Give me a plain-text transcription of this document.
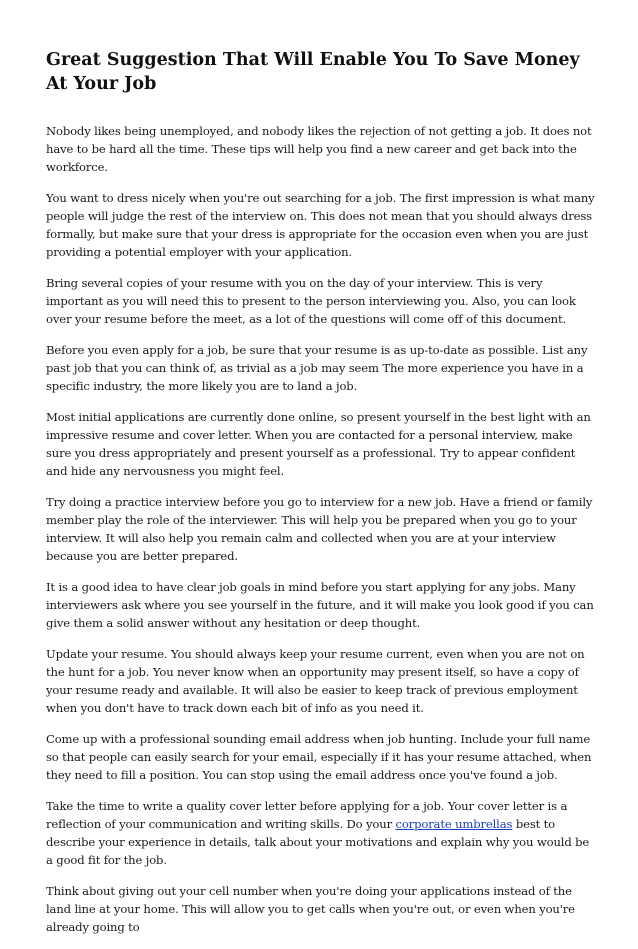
Great Suggestion That Will Enable You To Save Money At Your Job

Nobody likes being unemployed, and nobody likes the rejection of not getting a job. It does not have to be hard all the time. These tips will help you find a new career and get back into the workforce.

You want to dress nicely when you're out searching for a job. The first impression is what many people will judge the rest of the interview on. This does not mean that you should always dress formally, but make sure that your dress is appropriate for the occasion even when you are just providing a potential employer with your application.

Bring several copies of your resume with you on the day of your interview. This is very important as you will need this to present to the person interviewing you. Also, you can look over your resume before the meet, as a lot of the questions will come off of this document.

Before you even apply for a job, be sure that your resume is as up-to-date as possible. List any past job that you can think of, as trivial as a job may seem The more experience you have in a specific industry, the more likely you are to land a job.

Most initial applications are currently done online, so present yourself in the best light with an impressive resume and cover letter. When you are contacted for a personal interview, make sure you dress appropriately and present yourself as a professional. Try to appear confident and hide any nervousness you might feel.

Try doing a practice interview before you go to interview for a new job. Have a friend or family member play the role of the interviewer. This will help you be prepared when you go to your interview. It will also help you remain calm and collected when you are at your interview because you are better prepared.

It is a good idea to have clear job goals in mind before you start applying for any jobs. Many interviewers ask where you see yourself in the future, and it will make you look good if you can give them a solid answer without any hesitation or deep thought.

Update your resume. You should always keep your resume current, even when you are not on the hunt for a job. You never know when an opportunity may present itself, so have a copy of your resume ready and available. It will also be easier to keep track of previous employment when you don't have to track down each bit of info as you need it.

Come up with a professional sounding email address when job hunting. Include your full name so that people can easily search for your email, especially if it has your resume attached, when they need to fill a position. You can stop using the email address once you've found a job.

Take the time to write a quality cover letter before applying for a job. Your cover letter is a reflection of your communication and writing skills. Do your corporate umbrellas best to describe your experience in details, talk about your motivations and explain why you would be a good fit for the job.

Think about giving out your cell number when you're doing your applications instead of the land line at your home. This will allow you to get calls when you're out, or even when you're already going to
